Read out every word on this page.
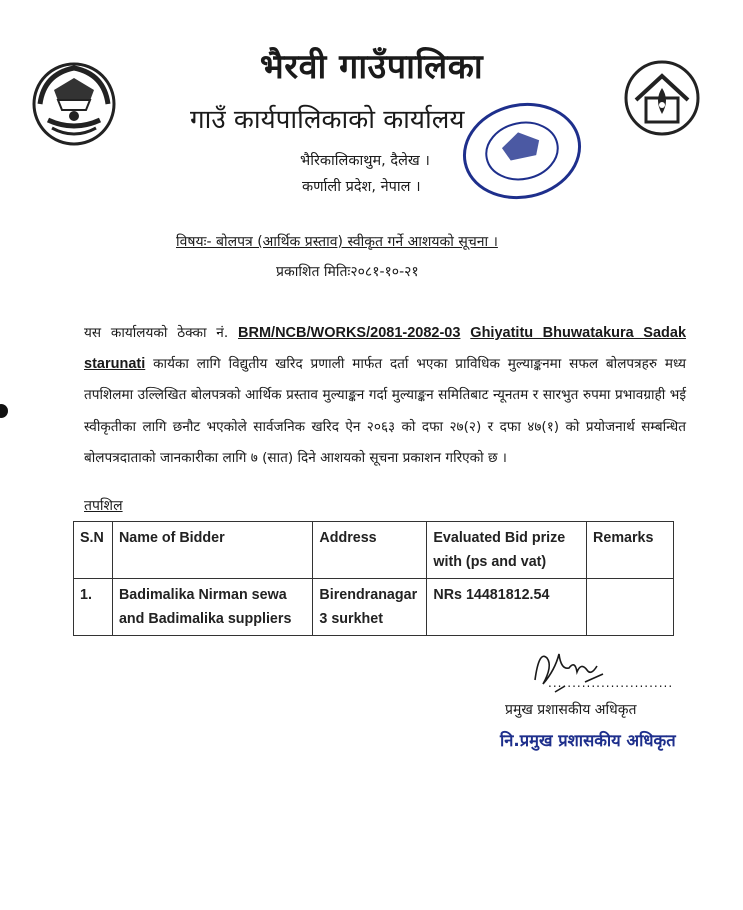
भैरवी गाउँपालिका
गाउँ कार्यपालिकाको कार्यालय
भैरिकालिकाथुम, दैलेख ।
कर्णाली प्रदेश, नेपाल ।
विषयः- बोलपत्र (आर्थिक प्रस्ताव) स्वीकृत गर्ने आशयको सूचना ।
प्रकाशित मितिः२०८१-१०-२१
यस कार्यालयको ठेक्का नं. BRM/NCB/WORKS/2081-2082-03 Ghiyatitu Bhuwatakura Sadak starunati कार्यका लागि विद्युतीय खरिद प्रणाली मार्फत दर्ता भएका प्राविधिक मुल्याङ्कनमा सफल बोलपत्रहरु मध्य तपशिलमा उल्लिखित बोलपत्रको आर्थिक प्रस्ताव मुल्याङ्कन गर्दा मुल्याङ्कन समितिबाट न्यूनतम र सारभुत रुपमा प्रभावग्राही भई स्वीकृतीका लागि छनौट भएकोले सार्वजनिक खरिद ऐन २०६३ को दफा २७(२) र दफा ४७(१) को प्रयोजनार्थ सम्बन्धित बोलपत्रदाताको जानकारीका लागि ७ (सात) दिने आशयको सूचना प्रकाशन गरिएको छ ।
तपशिल
S.N	Name of Bidder	Address	Evaluated Bid prize with (ps and vat)	Remarks
1.	Badimalika Nirman sewa and Badimalika suppliers	Birendranagar 3 surkhet	NRs 14481812.54	
..........................
प्रमुख प्रशासकीय अधिकृत
नि.प्रमुख प्रशासकीय अधिकृत
